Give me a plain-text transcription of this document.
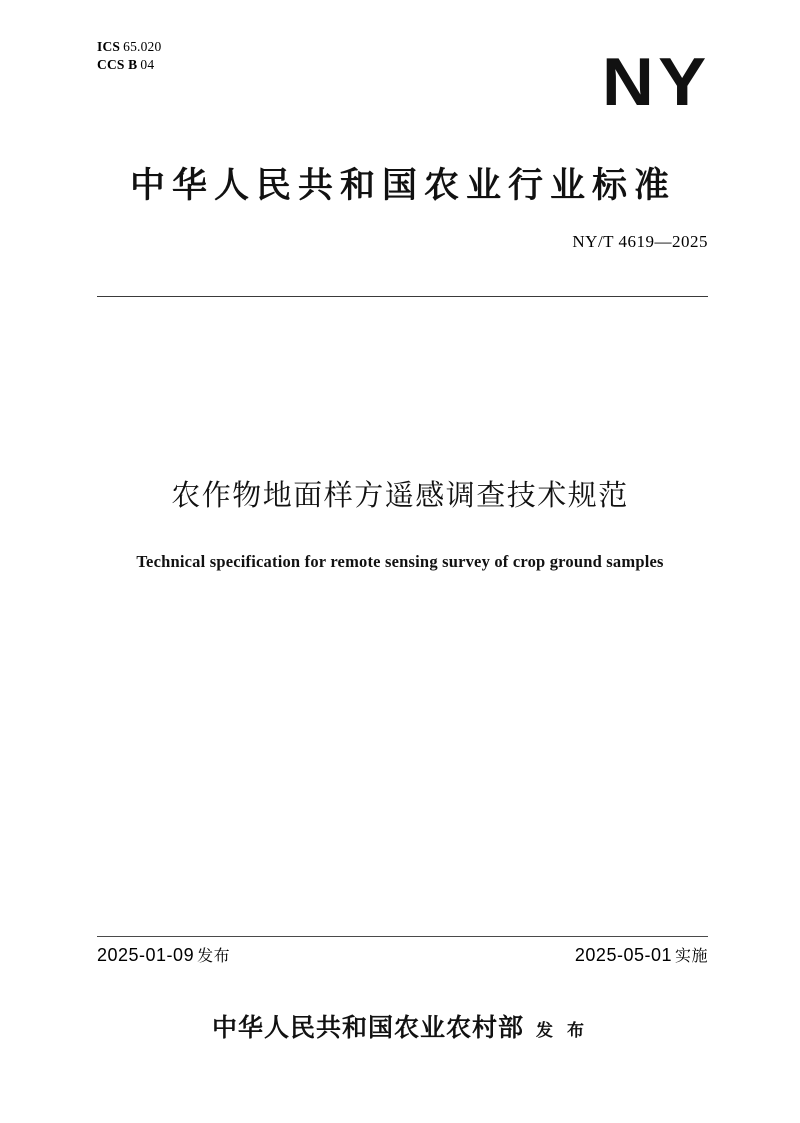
ICS 65.020
CCS B 04	NY
中华人民共和国农业行业标准
NY/T 4619—2025
农作物地面样方遥感调查技术规范
Technical specification for remote sensing survey of crop ground samples
2025-01-09 发布	2025-05-01 实施
中华人民共和国农业农村部 发 布
